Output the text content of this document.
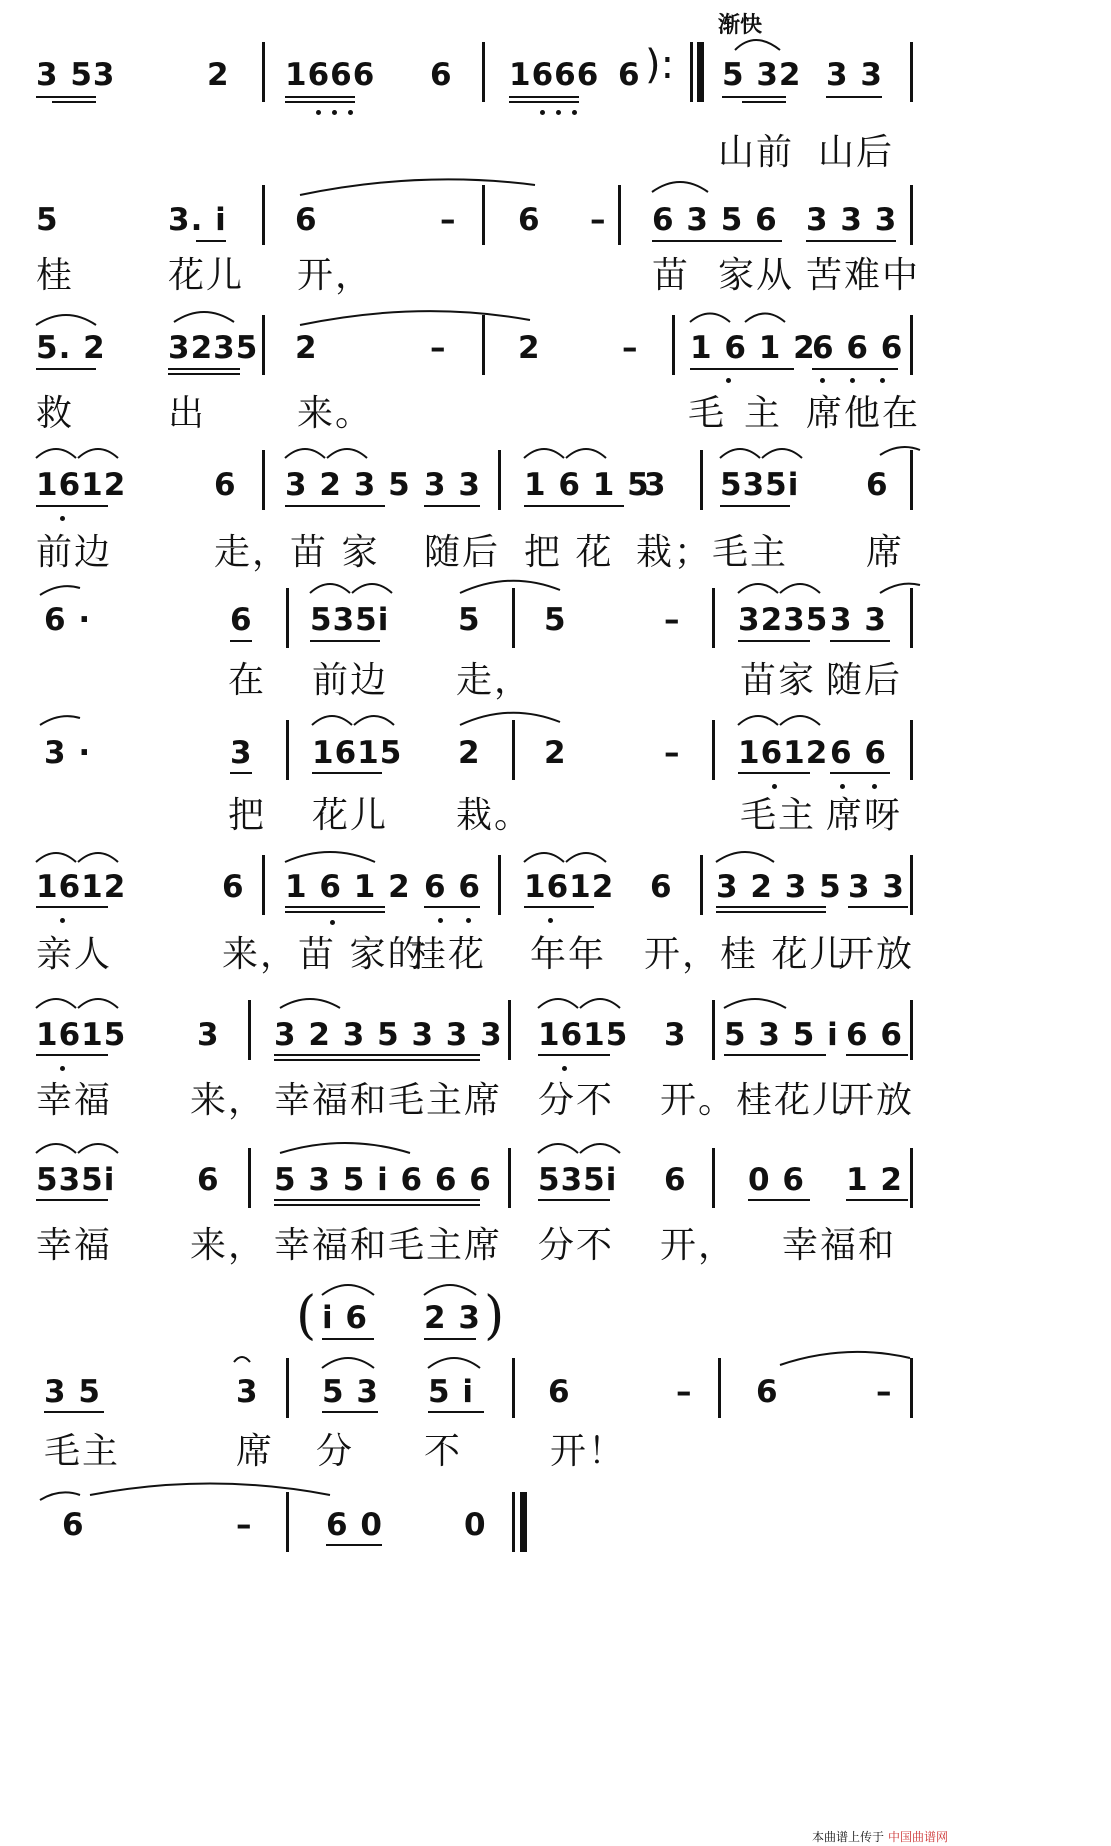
渐快
3 53	2 1666 6 1666 6	5 32 3 3
):
山前 山后
5	3. i 6	– 6 – 6 3 5 6 3 3 3
桂	花儿 开，	苗 家从 苦难中
5. 2 3235 2	– 2	– 1 6 1 2
6 6 6
救	出	来。	毛 主 席他在
1612	6 3 2 3 5 3 3 1 6 1 5
3 535i 6
前边	走，苗 家 随后 把 花 栽；毛主 席
6 ·	6 535i 5 5	– 3235 3 3
在 前边 走，	苗家 随后
3 ·	3 1615 2 2	– 1612 6 6
把 花儿 栽。	毛主 席呀
1612	6 1 6 1 2 6 6 1612 6 3 2 3 5 3 3
亲人	来，苗 家的
桂花 年年 开，桂 花儿
开放
1615 3 3 2 3 5 3 3 3 1615 3 5 3 5 i 6 6
幸福 来， 幸福和毛主席 分不 开。桂花儿
开放
535i	6 5 3 5 i 6 6 6 535i 6 0 6 1 2
幸福 来， 幸福和毛主席 分不 开， 幸福和
( i 6 2 3 )
3 5	3 5 3 5 i 6	– 6	–
毛主	席 分 不 开！
6	– 6 0	0
本曲谱上传于 中国曲谱网
